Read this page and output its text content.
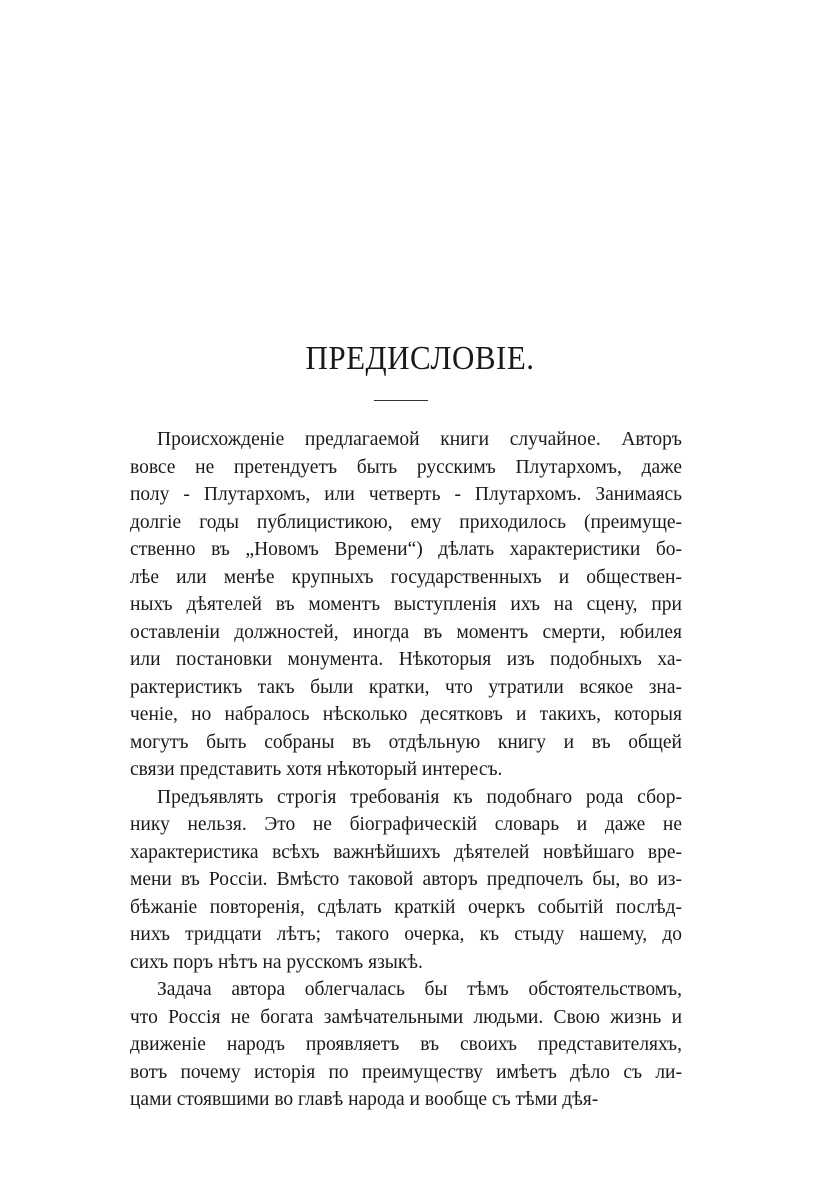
ПРЕДИСЛОВІЕ.
Происхожденіе предлагаемой книги случайное. Авторъ
вовсе не претендуетъ быть русскимъ Плутархомъ, даже
полу - Плутархомъ, или четверть - Плутархомъ. Занимаясь
долгіе годы публицистикою, ему приходилось (преимуще-
ственно въ „Новомъ Времени“) дѣлать характеристики бо-
лѣе или менѣе крупныхъ государственныхъ и обществен-
ныхъ дѣятелей въ моментъ выступленія ихъ на сцену, при
оставленіи должностей, иногда въ моментъ смерти, юбилея
или постановки монумента. Нѣкоторыя изъ подобныхъ ха-
рактеристикъ такъ были кратки, что утратили всякое зна-
ченіе, но набралось нѣсколько десятковъ и такихъ, которыя
могутъ быть собраны въ отдѣльную книгу и въ общей
связи представить хотя нѣкоторый интересъ.
Предъявлять строгія требованія къ подобнаго рода сбор-
нику нельзя. Это не біографическій словарь и даже не
характеристика всѣхъ важнѣйшихъ дѣятелей новѣйшаго вре-
мени въ Россіи. Вмѣсто таковой авторъ предпочелъ бы, во из-
бѣжаніе повторенія, сдѣлать краткій очеркъ событій послѣд-
нихъ тридцати лѣтъ; такого очерка, къ стыду нашему, до
сихъ поръ нѣтъ на русскомъ языкѣ.
Задача автора облегчалась бы тѣмъ обстоятельствомъ,
что Россія не богата замѣчательными людьми. Свою жизнь и
движеніе народъ проявляетъ въ своихъ представителяхъ,
вотъ почему исторія по преимуществу имѣетъ дѣло съ ли-
цами стоявшими во главѣ народа и вообще съ тѣми дѣя-
